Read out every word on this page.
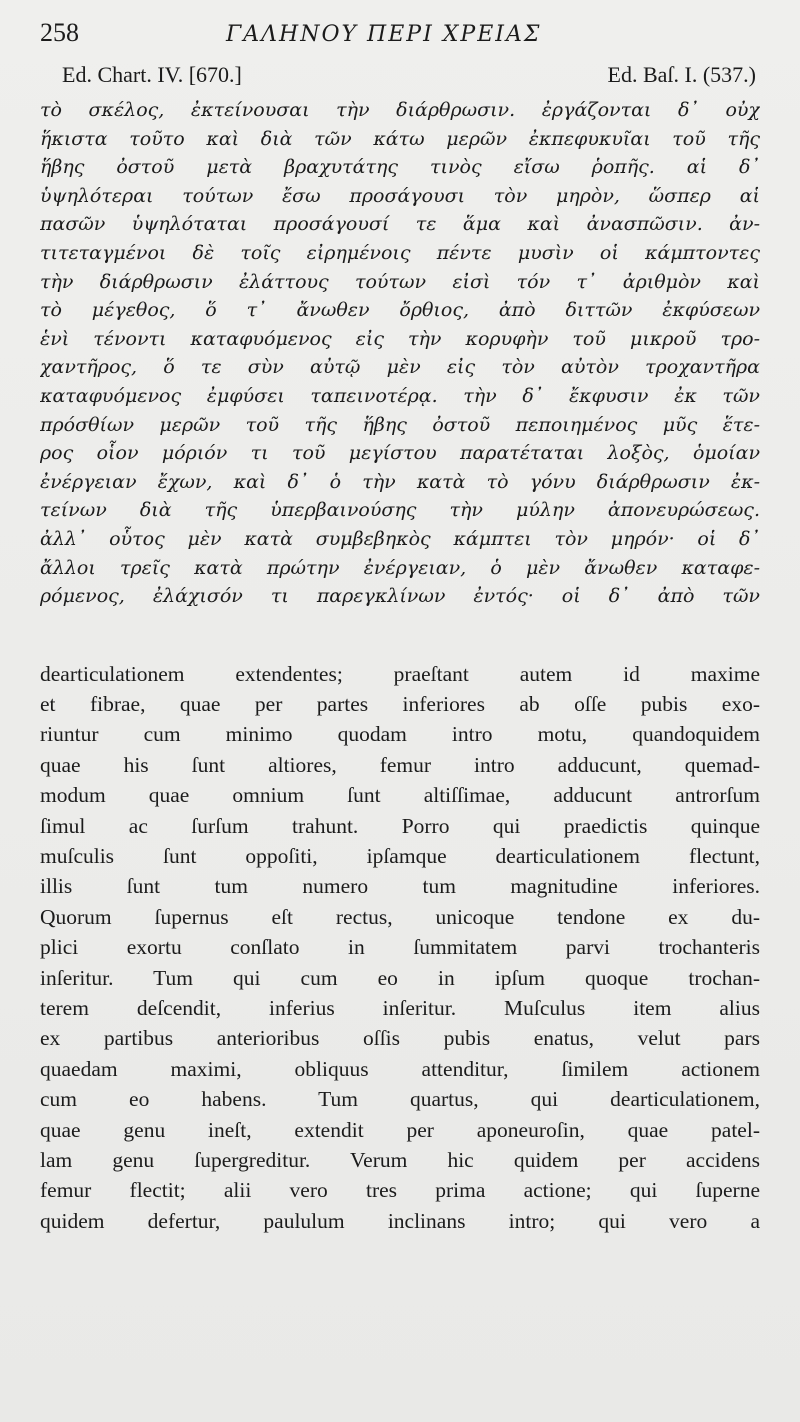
258	ΓΑΛΗΝΟΥ ΠΕΡΙ ΧΡΕΙΑΣ
Ed. Chart. IV. [670.]	Ed. Baſ. I. (537.)
τὸ σκέλος, ἐκτείνουσαι τὴν διάρθρωσιν. ἐργάζονται δ᾽ οὐχ
ἥκιστα τοῦτο καὶ διὰ τῶν κάτω μερῶν ἐκπεφυκυῖαι τοῦ τῆς
ἥβης ὀστοῦ μετὰ βραχυτάτης τινὸς εἴσω ῥοπῆς. αἱ δ᾽
ὑψηλότεραι τούτων ἔσω προσάγουσι τὸν μηρὸν, ὥσπερ αἱ
πασῶν ὑψηλόταται προσάγουσί τε ἅμα καὶ ἀνασπῶσιν. ἀν-
τιτεταγμένοι δὲ τοῖς εἰρημένοις πέντε μυσὶν οἱ κάμπτοντες
τὴν διάρθρωσιν ἐλάττους τούτων εἰσὶ τόν τ᾽ ἀριθμὸν καὶ
τὸ μέγεθος, ὅ τ᾽ ἄνωθεν ὄρθιος, ἀπὸ διττῶν ἐκφύσεων
ἑνὶ τένοντι καταφυόμενος εἰς τὴν κορυφὴν τοῦ μικροῦ τρο-
χαντῆρος, ὅ τε σὺν αὐτῷ μὲν εἰς τὸν αὐτὸν τροχαντῆρα
καταφυόμενος ἐμφύσει ταπεινοτέρᾳ. τὴν δ᾽ ἔκφυσιν ἐκ τῶν
πρόσθίων μερῶν τοῦ τῆς ἥβης ὀστοῦ πεποιημένος μῦς ἕτε-
ρος οἷον μόριόν τι τοῦ μεγίστου παρατέταται λοξὸς, ὁμοίαν
ἐνέργειαν ἔχων, καὶ δ᾽ ὁ τὴν κατὰ τὸ γόνυ διάρθρωσιν ἐκ-
τείνων διὰ τῆς ὑπερβαινούσης τὴν μύλην ἀπονευρώσεως.
ἀλλ᾽ οὗτος μὲν κατὰ συμβεβηκὸς κάμπτει τὸν μηρόν· οἱ δ᾽
ἄλλοι τρεῖς κατὰ πρώτην ἐνέργειαν, ὁ μὲν ἄνωθεν καταφε-
ρόμενος, ἐλάχισόν τι παρεγκλίνων ἐντός· οἱ δ᾽ ἀπὸ τῶν
dearticulationem extendentes; praeſtant autem id maxime
et fibrae, quae per partes inferiores ab oſſe pubis exo-
riuntur cum minimo quodam intro motu, quandoquidem
quae his ſunt altiores, femur intro adducunt, quemad-
modum quae omnium ſunt altiſſimae, adducunt antrorſum
ſimul ac ſurſum trahunt. Porro qui praedictis quinque
muſculis ſunt oppoſiti, ipſamque dearticulationem flectunt,
illis ſunt tum numero tum magnitudine inferiores.
Quorum ſupernus eſt rectus, unicoque tendone ex du-
plici exortu conſlato in ſummitatem parvi trochanteris
inſeritur. Tum qui cum eo in ipſum quoque trochan-
terem deſcendit, inferius inſeritur. Muſculus item alius
ex partibus anterioribus oſſis pubis enatus, velut pars
quaedam maximi, obliquus attenditur, ſimilem actionem
cum eo habens. Tum quartus, qui dearticulationem,
quae genu ineſt, extendit per aponeuroſin, quae patel-
lam genu ſupergreditur. Verum hic quidem per accidens
femur flectit; alii vero tres prima actione; qui ſuperne
quidem defertur, paululum inclinans intro; qui vero a
